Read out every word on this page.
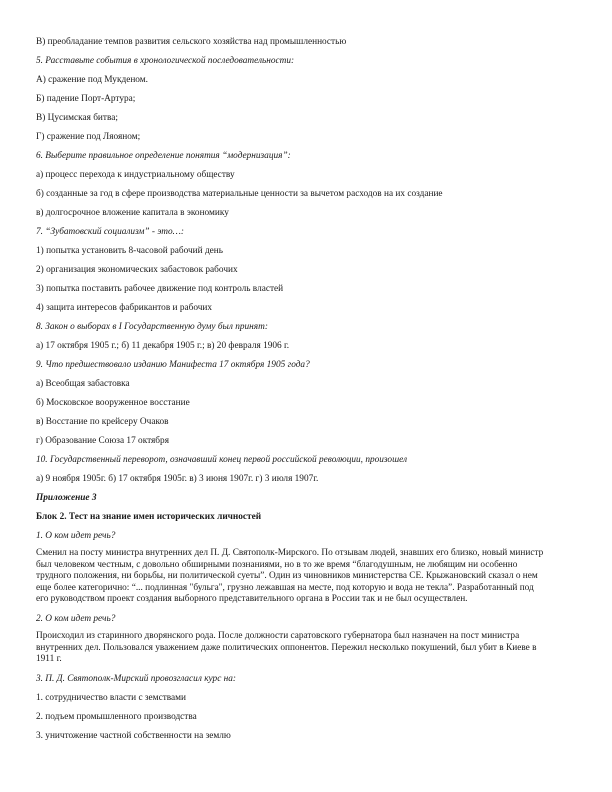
В) преобладание темпов развития сельского хозяйства над промышленностью
5. Расставьте события в хронологической последовательности:
А) сражение под Мукденом.
Б) падение Порт-Артура;
В) Цусимская битва;
Г) сражение под Ляояном;
6. Выберите правильное определение понятия “модернизация”:
а) процесс перехода к индустриальному обществу
б) созданные за год в сфере производства материальные ценности за вычетом расходов на их создание
в) долгосрочное вложение капитала в экономику
7. “Зубатовский социализм” - это…:
1) попытка установить 8-часовой рабочий день
2) организация экономических забастовок рабочих
3) попытка поставить рабочее движение под контроль властей
4) защита интересов фабрикантов и рабочих
8. Закон о выборах в I Государственную думу был принят:
а) 17 октября 1905 г.; б) 11 декабря 1905 г.; в) 20 февраля 1906 г.
9. Что предшествовало изданию Манифеста 17 октября 1905 года?
а) Всеобщая забастовка
б) Московское вооруженное восстание
в) Восстание по крейсеру Очаков
г) Образование Союза 17 октября
10. Государственный переворот, означавший конец первой российской революции, произошел
а) 9 ноября 1905г. б) 17 октября 1905г. в) 3 июня 1907г. г) 3 июля 1907г.
Приложение 3
Блок 2. Тест на знание имен исторических личностей
1. О ком идет речь?
Сменил на посту министра внутренних дел П. Д. Святополк-Мирского. По отзывам людей, знавших его близко, новый министр
был человеком честным, с довольно обширными познаниями, но в то же время “благодушным, не любящим ни особенно
трудного положения, ни борьбы, ни политической суеты”. Один из чиновников министерства СЕ. Крыжановский сказал о нем
еще более категорично: “... подлинная "бульга", грузно лежавшая на месте, под которую и вода не текла”. Разработанный под
его руководством проект создания выборного представительного органа в России так и не был осуществлен.
2. О ком идет речь?
Происходил из старинного дворянского рода. После должности саратовского губернатора был назначен на пост министра
внутренних дел. Пользовался уважением даже политических оппонентов. Пережил несколько покушений, был убит в Киеве в
1911 г.
3. П. Д. Святополк-Мирский провозгласил курс на:
1. сотрудничество власти с земствами
2. подъем промышленного производства
3. уничтожение частной собственности на землю
